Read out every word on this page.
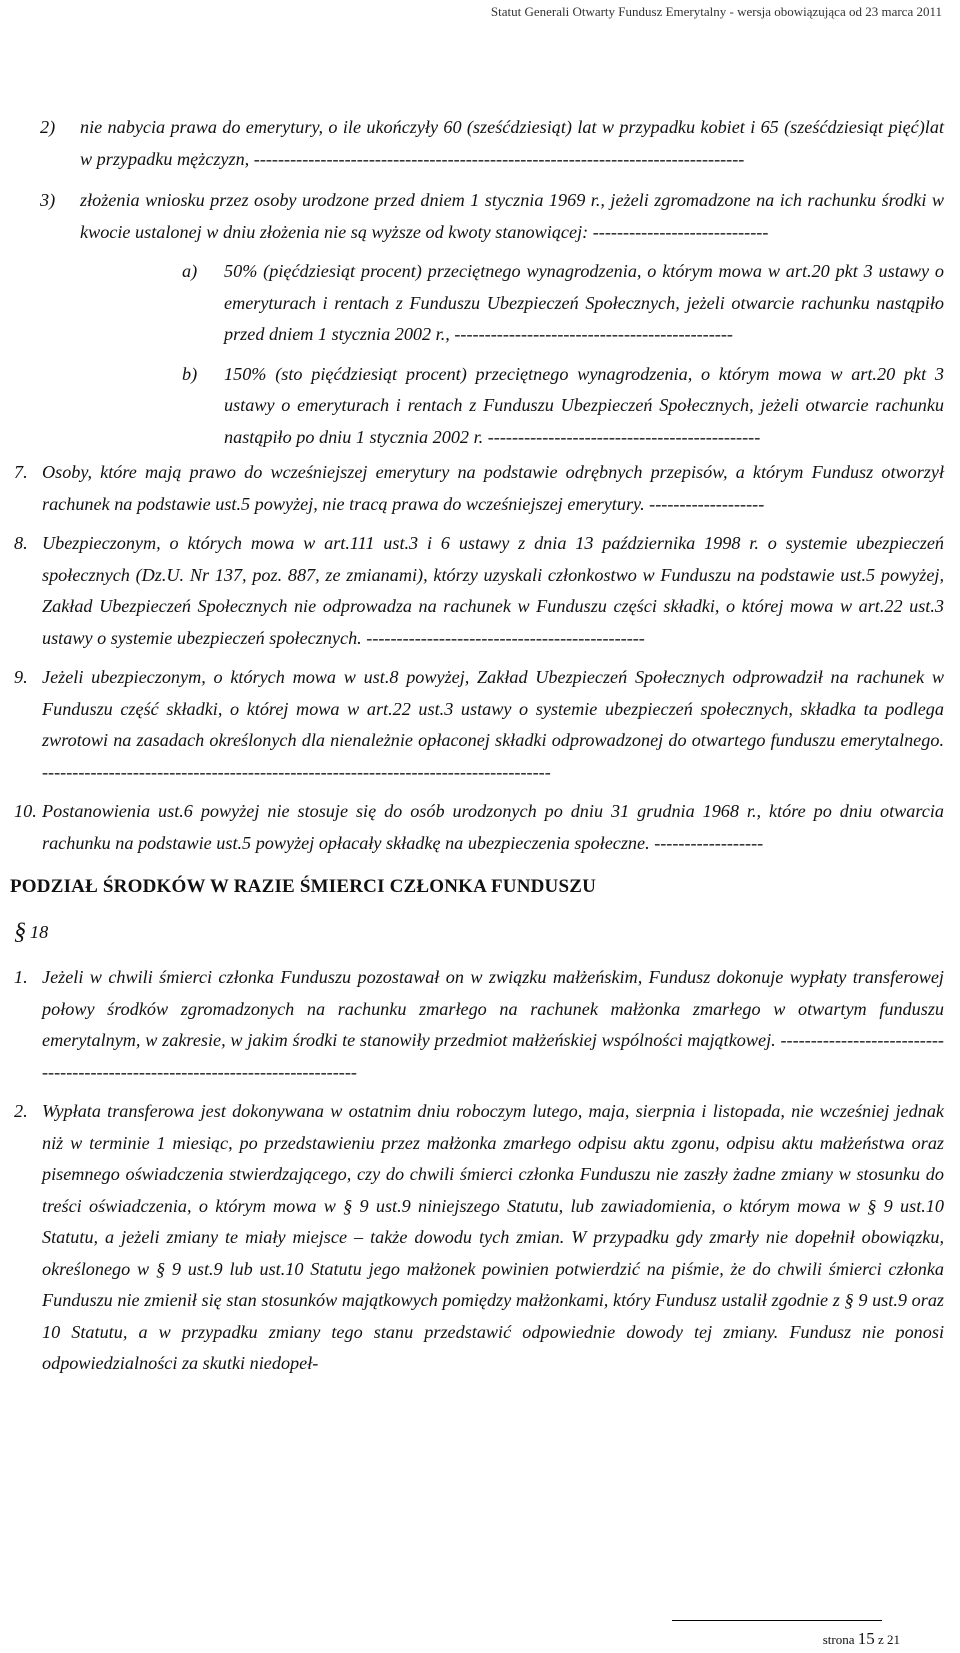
Statut Generali Otwarty Fundusz Emerytalny - wersja obowiązująca od 23 marca 2011
2) nie nabycia prawa do emerytury, o ile ukończyły 60 (sześćdziesiąt) lat w przypadku kobiet i 65 (sześćdziesiąt pięć)lat w przypadku mężczyzn, ---------------------------------------------------------------------------------
3) złożenia wniosku przez osoby urodzone przed dniem 1 stycznia 1969 r., jeżeli zgromadzone na ich rachunku środki w kwocie ustalonej w dniu złożenia nie są wyższe od kwoty stanowiącej: -----------------------------
a) 50% (pięćdziesiąt procent) przeciętnego wynagrodzenia, o którym mowa w art.20 pkt 3 ustawy o emeryturach i rentach z Funduszu Ubezpieczeń Społecznych, jeżeli otwarcie rachunku nastąpiło przed dniem 1 stycznia 2002 r., ----------------------------------------------
b) 150% (sto pięćdziesiąt procent) przeciętnego wynagrodzenia, o którym mowa w art.20 pkt 3 ustawy o emeryturach i rentach z Funduszu Ubezpieczeń Społecznych, jeżeli otwarcie rachunku nastąpiło po dniu 1 stycznia 2002 r. ---------------------------------------------
7. Osoby, które mają prawo do wcześniejszej emerytury na podstawie odrębnych przepisów, a którym Fundusz otworzył rachunek na podstawie ust.5 powyżej, nie tracą prawa do wcześniejszej emerytury. -------------------
8. Ubezpieczonym, o których mowa w art.111 ust.3 i 6 ustawy z dnia 13 października 1998 r. o systemie ubezpieczeń społecznych (Dz.U. Nr 137, poz. 887, ze zmianami), którzy uzyskali członkostwo w Funduszu na podstawie ust.5 powyżej, Zakład Ubezpieczeń Społecznych nie odprowadza na rachunek w Funduszu części składki, o której mowa w art.22 ust.3 ustawy o systemie ubezpieczeń społecznych. ----------------------------------------------
9. Jeżeli ubezpieczonym, o których mowa w ust.8 powyżej, Zakład Ubezpieczeń Społecznych odprowadził na rachunek w Funduszu część składki, o której mowa w art.22 ust.3 ustawy o systemie ubezpieczeń społecznych, składka ta podlega zwrotowi na zasadach określonych dla nienależnie opłaconej składki odprowadzonej do otwartego funduszu emerytalnego. ------------------------------------------------------------------------------------
10. Postanowienia ust.6 powyżej nie stosuje się do osób urodzonych po dniu 31 grudnia 1968 r., które po dniu otwarcia rachunku na podstawie ust.5 powyżej opłacały składkę na ubezpieczenia społeczne. ------------------
PODZIAŁ ŚRODKÓW W RAZIE ŚMIERCI CZŁONKA FUNDUSZU
§ 18
1. Jeżeli w chwili śmierci członka Funduszu pozostawał on w związku małżeńskim, Fundusz dokonuje wypłaty transferowej połowy środków zgromadzonych na rachunku zmarłego na rachunek małżonka zmarłego w otwartym funduszu emerytalnym, w zakresie, w jakim środki te stanowiły przedmiot małżeńskiej wspólności majątkowej. -------------------------------------------------------------------------------
2. Wypłata transferowa jest dokonywana w ostatnim dniu roboczym lutego, maja, sierpnia i listopada, nie wcześniej jednak niż w terminie 1 miesiąc, po przedstawieniu przez małżonka zmarłego odpisu aktu zgonu, odpisu aktu małżeństwa oraz pisemnego oświadczenia stwierdzającego, czy do chwili śmierci członka Funduszu nie zaszły żadne zmiany w stosunku do treści oświadczenia, o którym mowa w § 9 ust.9 niniejszego Statutu, lub zawiadomienia, o którym mowa w § 9 ust.10 Statutu, a jeżeli zmiany te miały miejsce – także dowodu tych zmian. W przypadku gdy zmarły nie dopełnił obowiązku, określonego w § 9 ust.9 lub ust.10 Statutu jego małżonek powinien potwierdzić na piśmie, że do chwili śmierci członka Funduszu nie zmienił się stan stosunków majątkowych pomiędzy małżonkami, który Fundusz ustalił zgodnie z § 9 ust.9 oraz 10 Statutu, a w przypadku zmiany tego stanu przedstawić odpowiednie dowody tej zmiany. Fundusz nie ponosi odpowiedzialności za skutki niedopeł-
strona 15 z 21
